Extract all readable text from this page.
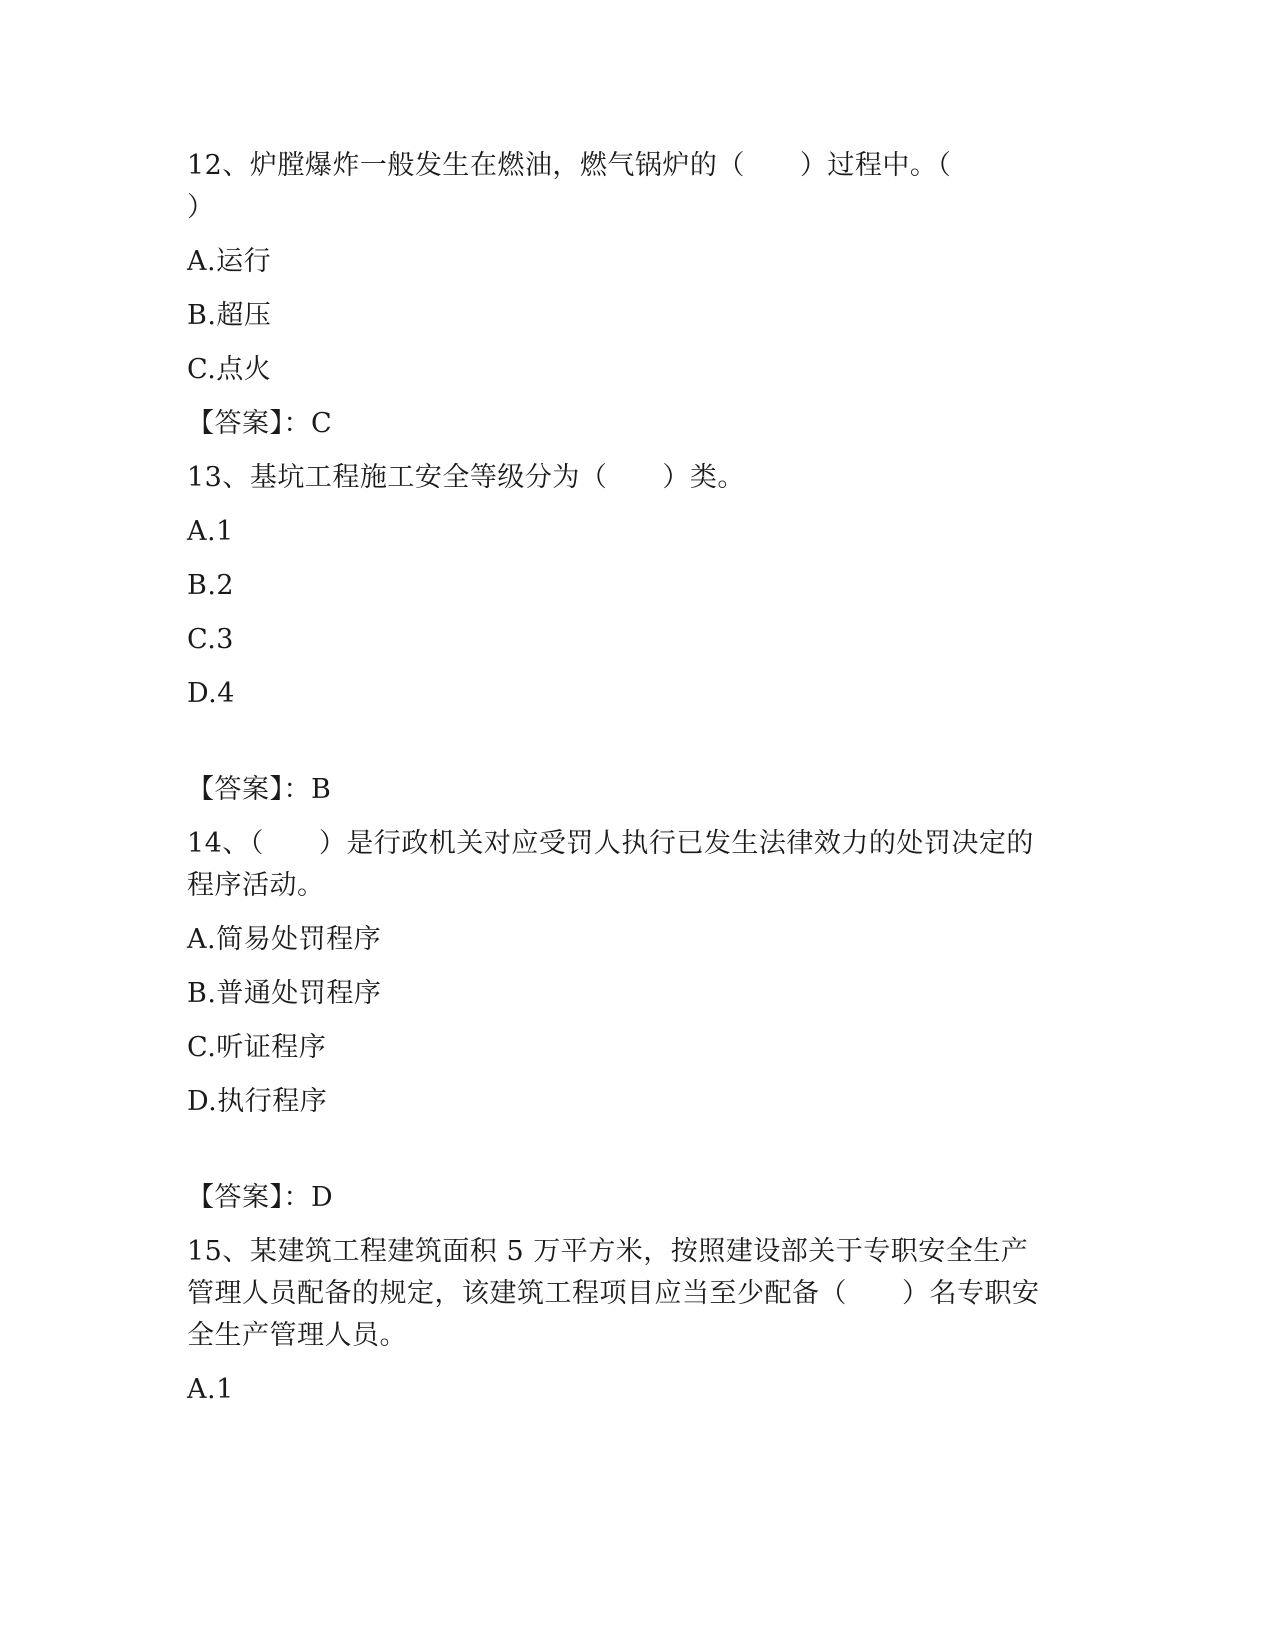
12、炉膛爆炸一般发生在燃油，燃气锅炉的（　　）过程中。（
）
A.运行
B.超压
C.点火
【答案】：C
13、基坑工程施工安全等级分为（　　）类。
A.1
B.2
C.3
D.4
【答案】：B
14、（　　）是行政机关对应受罚人执行已发生法律效力的处罚决定的
程序活动。
A.简易处罚程序
B.普通处罚程序
C.听证程序
D.执行程序
【答案】：D
15、某建筑工程建筑面积 5 万平方米，按照建设部关于专职安全生产
管理人员配备的规定，该建筑工程项目应当至少配备（　　）名专职安
全生产管理人员。
A.1
